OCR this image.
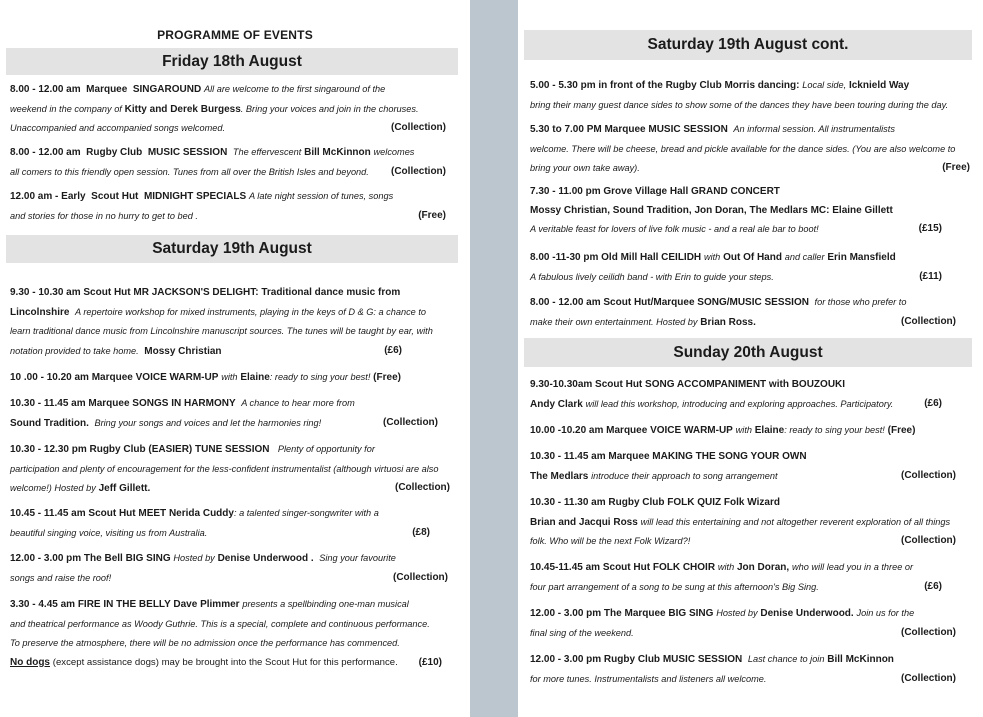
PROGRAMME OF EVENTS
Friday 18th August
8.00 - 12.00 am Marquee SINGAROUND All are welcome to the first singaround of the
weekend in the company of Kitty and Derek Burgess. Bring your voices and join in the choruses.
Unaccompanied and accompanied songs welcomed.	(Collection)
8.00 - 12.00 am Rugby Club MUSIC SESSION The effervescent Bill McKinnon welcomes
all comers to this friendly open session. Tunes from all over the British Isles and beyond. (Collection)
12.00 am - Early Scout Hut MIDNIGHT SPECIALS A late night session of tunes, songs
and stories for those in no hurry to get to bed .	(Free)
Saturday 19th August
9.30 - 10.30 am Scout Hut MR JACKSON'S DELIGHT: Traditional dance music from
Lincolnshire A repertoire workshop for mixed instruments, playing in the keys of D & G: a chance to
learn traditional dance music from Lincolnshire manuscript sources. The tunes will be taught by ear, with
notation provided to take home. Mossy Christian	(£6)
10 .00 - 10.20 am Marquee VOICE WARM-UP with Elaine: ready to sing your best! (Free)
10.30 - 11.45 am Marquee SONGS IN HARMONY A chance to hear more from
Sound Tradition. Bring your songs and voices and let the harmonies ring!	(Collection)
10.30 - 12.30 pm Rugby Club (EASIER) TUNE SESSION Plenty of opportunity for
participation and plenty of encouragement for the less-confident instrumentalist (although virtuosi are also
welcome!) Hosted by Jeff Gillett.	(Collection)
10.45 - 11.45 am Scout Hut MEET Nerida Cuddy: a talented singer-songwriter with a
beautiful singing voice, visiting us from Australia.	(£8)
12.00 - 3.00 pm The Bell BIG SING Hosted by Denise Underwood . Sing your favourite
songs and raise the roof!	(Collection)
3.30 - 4.45 am FIRE IN THE BELLY Dave Plimmer presents a spellbinding one-man musical
and theatrical performance as Woody Guthrie. This is a special, complete and continuous performance.
To preserve the atmosphere, there will be no admission once the performance has commenced.
No dogs (except assistance dogs) may be brought into the Scout Hut for this performance. (£10)
Saturday 19th August cont.
5.00 - 5.30 pm in front of the Rugby Club Morris dancing: Local side, Icknield Way
bring their many guest dance sides to show some of the dances they have been touring during the day.
5.30 to 7.00 PM Marquee MUSIC SESSION An informal session. All instrumentalists
welcome. There will be cheese, bread and pickle available for the dance sides. (You are also welcome to
bring your own take away).	(Free)
7.30 - 11.00 pm Grove Village Hall GRAND CONCERT
Mossy Christian, Sound Tradition, Jon Doran, The Medlars MC: Elaine Gillett
A veritable feast for lovers of live folk music - and a real ale bar to boot!	(£15)
8.00 -11-30 pm Old Mill Hall CEILIDH with Out Of Hand and caller Erin Mansfield
A fabulous lively ceilidh band - with Erin to guide your steps.	(£11)
8.00 - 12.00 am Scout Hut/Marquee SONG/MUSIC SESSION for those who prefer to
make their own entertainment. Hosted by Brian Ross.	(Collection)
Sunday 20th August
9.30-10.30am Scout Hut SONG ACCOMPANIMENT with BOUZOUKI
Andy Clark will lead this workshop, introducing and exploring approaches. Participatory.	(£6)
10.00 -10.20 am Marquee VOICE WARM-UP with Elaine: ready to sing your best! (Free)
10.30 - 11.45 am Marquee MAKING THE SONG YOUR OWN
The Medlars introduce their approach to song arrangement	(Collection)
10.30 - 11.30 am Rugby Club FOLK QUIZ Folk Wizard
Brian and Jacqui Ross will lead this entertaining and not altogether reverent exploration of all things
folk. Who will be the next Folk Wizard?!	(Collection)
10.45-11.45 am Scout Hut FOLK CHOIR with Jon Doran, who will lead you in a three or
four part arrangement of a song to be sung at this afternoon's Big Sing.	(£6)
12.00 - 3.00 pm The Marquee BIG SING Hosted by Denise Underwood. Join us for the
final sing of the weekend.	(Collection)
12.00 - 3.00 pm Rugby Club MUSIC SESSION Last chance to join Bill McKinnon
for more tunes. Instrumentalists and listeners all welcome.	(Collection)
